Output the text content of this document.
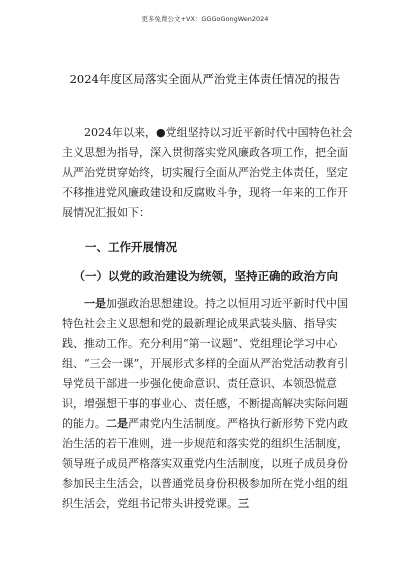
更多免费公文+VX：GGGoGongWen2024
2024年度区局落实全面从严治党主体责任情况的报告

2024年以来，●党组坚持以习近平新时代中国特色社会主义思想为指导，深入贯彻落实党风廉政各项工作，把全面从严治党贯穿始终，切实履行全面从严治党主体责任，坚定不移推进党风廉政建设和反腐败斗争，现将一年来的工作开展情况汇报如下：

一、工作开展情况
（一）以党的政治建设为统领，坚持正确的政治方向

一是加强政治思想建设。持之以恒用习近平新时代中国特色社会主义思想和党的最新理论成果武装头脑、指导实践、推动工作。充分利用“第一议题”、党组理论学习中心组、“三会一课”，开展形式多样的全面从严治党活动教育引导党员干部进一步强化使命意识、责任意识、本领恐慌意识，增强想干事的事业心、责任感，不断提高解决实际问题的能力。二是严肃党内生活制度。严格执行新形势下党内政治生活的若干准则，进一步规范和落实党的组织生活制度，领导班子成员严格落实双重党内生活制度，以班子成员身份参加民主生活会，以普通党员身份积极参加所在党小组的组织生活会，党组书记带头讲授党课。三
